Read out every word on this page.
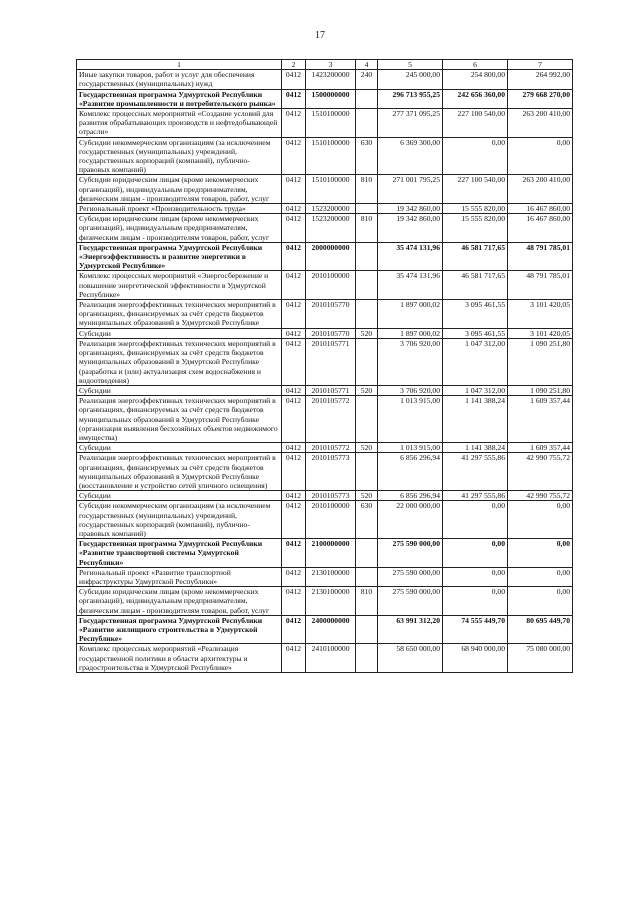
17
1	2	3	4	5	6	7
Иные закупки товаров, работ и услуг для обеспечения государственных (муниципальных) нужд	0412	1423200000	240	245 000,00	254 800,00	264 992,00
Государственная программа Удмуртской Республики «Развитие промышленности и потребительского рынка»	0412	1500000000		296 713 955,25	242 656 360,00	279 668 270,00
Комплекс процессных мероприятий «Создание условий для развития обрабатывающих производств и нефтедобывающей отрасли»	0412	1510100000		277 371 095,25	227 100 540,00	263 200 410,00
Субсидии некоммерческим организациям (за исключением государственных (муниципальных) учреждений, государственных корпораций (компаний), публично-правовых компаний)	0412	1510100000	630	6 369 300,00	0,00	0,00
Субсидии юридическим лицам (кроме некоммерческих организаций), индивидуальным предпринимателям, физическим лицам - производителям товаров, работ, услуг	0412	1510100000	810	271 001 795,25	227 100 540,00	263 200 410,00
Региональный проект «Производительность труда»	0412	1523200000		19 342 860,00	15 555 820,00	16 467 860,00
Субсидии юридическим лицам (кроме некоммерческих организаций), индивидуальным предпринимателям, физическим лицам - производителям товаров, работ, услуг	0412	1523200000	810	19 342 860,00	15 555 820,00	16 467 860,00
Государственная программа Удмуртской Республики «Энергоэффективность и развитие энергетики в Удмуртской Республике»	0412	2000000000		35 474 131,96	46 581 717,65	48 791 785,01
Комплекс процессных мероприятий «Энергосбережение и повышение энергетической эффективности в Удмуртской Республике»	0412	2010100000		35 474 131,96	46 581 717,65	48 791 785,01
Реализация энергоэффективных технических мероприятий в организациях, финансируемых за счёт средств бюджетов муниципальных образований в Удмуртской Республике	0412	2010105770		1 897 000,02	3 095 461,55	3 101 420,05
Субсидии	0412	2010105770	520	1 897 000,02	3 095 461,55	3 101 420,05
Реализация энергоэффективных технических мероприятий в организациях, финансируемых за счёт средств бюджетов муниципальных образований в Удмуртской Республике (разработка и (или) актуализация схем водоснабжения и водоотведения)	0412	2010105771		3 706 920,00	1 047 312,00	1 090 251,80
Субсидии	0412	2010105771	520	3 706 920,00	1 047 312,00	1 090 251,80
Реализация энергоэффективных технических мероприятий в организациях, финансируемых за счёт средств бюджетов муниципальных образований в Удмуртской Республике (организация выявления бесхозяйных объектов недвижимого имущества)	0412	2010105772		1 013 915,00	1 141 388,24	1 609 357,44
Субсидии	0412	2010105772	520	1 013 915,00	1 141 388,24	1 609 357,44
Реализация энергоэффективных технических мероприятий в организациях, финансируемых за счёт средств бюджетов муниципальных образований в Удмуртской Республике (восстановление и устройство сетей уличного освещения)	0412	2010105773		6 856 296,94	41 297 555,86	42 990 755,72
Субсидии	0412	2010105773	520	6 856 296,94	41 297 555,86	42 990 755,72
Субсидии некоммерческим организациям (за исключением государственных (муниципальных) учреждений, государственных корпораций (компаний), публично-правовых компаний)	0412	2010100000	630	22 000 000,00	0,00	0,00
Государственная программа Удмуртской Республики «Развитие транспортной системы Удмуртской Республики»	0412	2100000000		275 590 000,00	0,00	0,00
Региональный проект «Развитие транспортной инфраструктуры Удмуртской Республики»	0412	2130100000		275 590 000,00	0,00	0,00
Субсидии юридическим лицам (кроме некоммерческих организаций), индивидуальным предпринимателям, физическим лицам - производителям товаров, работ, услуг	0412	2130100000	810	275 590 000,00	0,00	0,00
Государственная программа Удмуртской Республики «Развитие жилищного строительства в Удмуртской Республике»	0412	2400000000		63 991 312,20	74 555 449,70	80 695 449,70
Комплекс процессных мероприятий «Реализация государственной политики в области архитектуры и градостроительства в Удмуртской Республике»	0412	2410100000		58 650 000,00	68 940 000,00	75 080 000,00
